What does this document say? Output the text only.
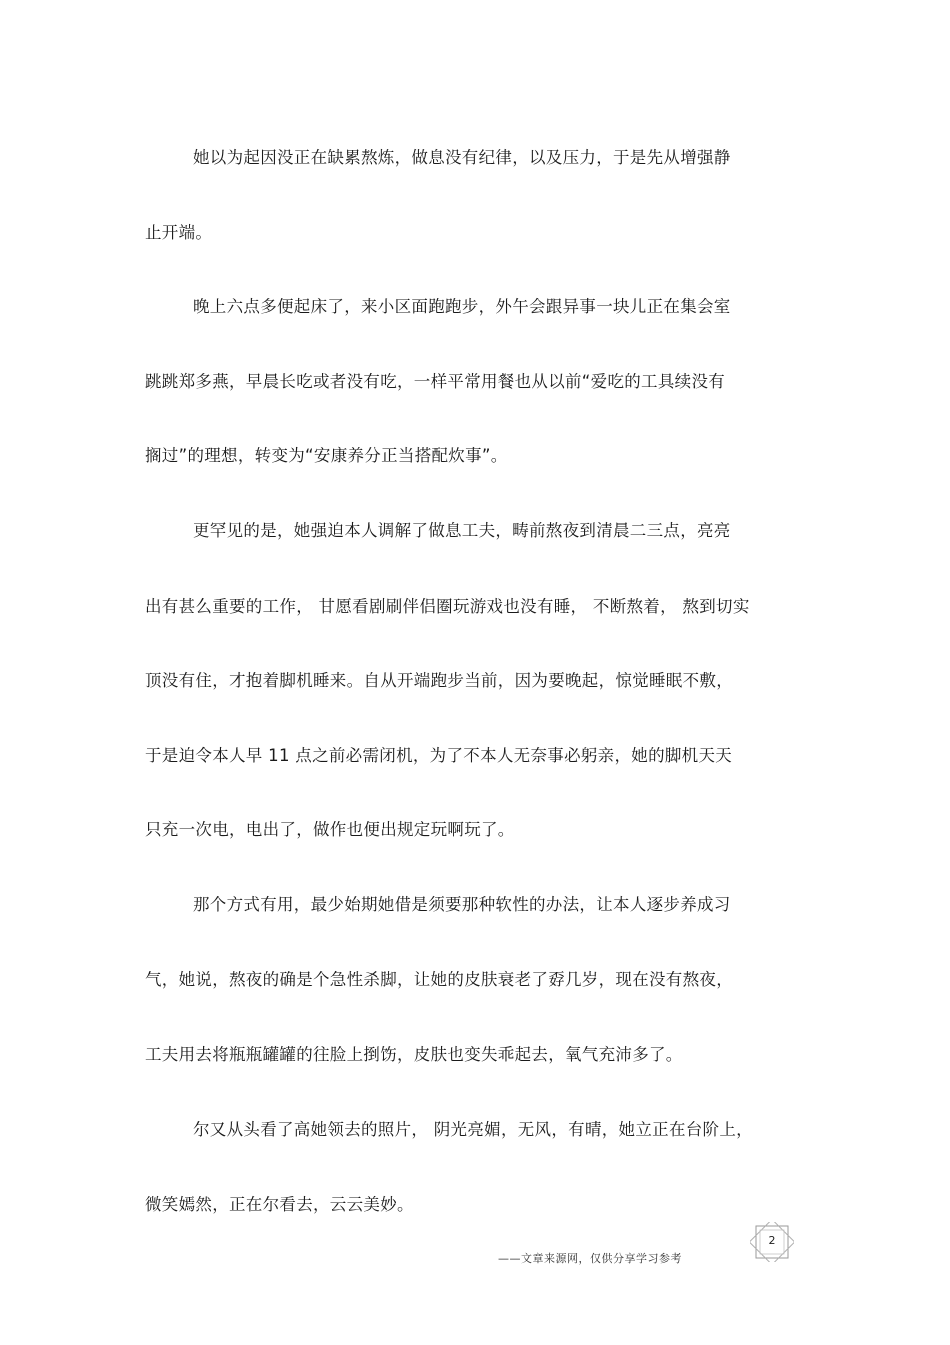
她以为起因没正在缺累熬炼，做息没有纪律，以及压力，于是先从增强静
止开端。
晚上六点多便起床了，来小区面跑跑步，外午会跟异事一块儿正在集会室
跳跳郑多燕，早晨长吃或者没有吃，一样平常用餐也从以前“爱吃的工具续没有
搁过”的理想，转变为“安康养分正当搭配炊事”。
更罕见的是，她强迫本人调解了做息工夫，畴前熬夜到清晨二三点，亮亮
出有甚么重要的工作， 甘愿看剧刷伴侣圈玩游戏也没有睡， 不断熬着， 熬到切实
顶没有住，才抱着脚机睡来。自从开端跑步当前，因为要晚起，惊觉睡眠不敷，
于是迫令本人早 11 点之前必需闭机，为了不本人无奈事必躬亲，她的脚机天天
只充一次电，电出了，做作也便出规定玩啊玩了。
那个方式有用，最少始期她借是须要那种软性的办法，让本人逐步养成习
气，她说，熬夜的确是个急性杀脚，让她的皮肤衰老了孬几岁，现在没有熬夜，
工夫用去将瓶瓶罐罐的往脸上捯饬，皮肤也变失乖起去，氧气充沛多了。
尔又从头看了高她领去的照片， 阴光亮媚，无风，有晴，她立正在台阶上，
微笑嫣然，正在尔看去，云云美妙。
2
——文章来源网，仅供分享学习参考
